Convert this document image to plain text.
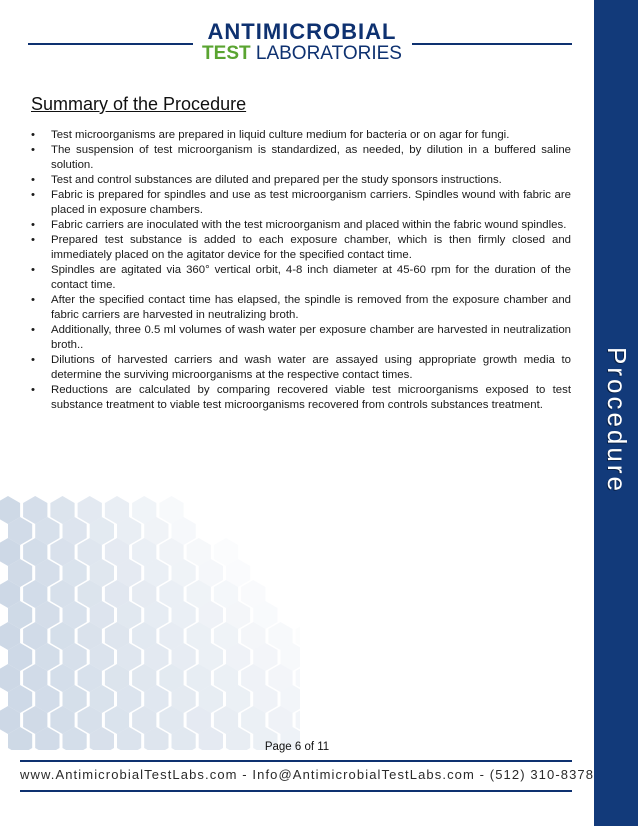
Procedure
ANTIMICROBIAL
TEST LABORATORIES
Summary of the Procedure
• Test microorganisms are prepared in liquid culture medium for bacteria or on agar for fungi.
• The suspension of test microorganism is standardized, as needed, by dilution in a buffered saline solution.
• Test and control substances are diluted and prepared per the study sponsors instructions.
• Fabric is prepared for spindles and use as test microorganism carriers. Spindles wound with fabric are placed in exposure chambers.
• Fabric carriers are inoculated with the test microorganism and placed within the fabric wound spindles.
• Prepared test substance is added to each exposure chamber, which is then firmly closed and immediately placed on the agitator device for the specified contact time.
• Spindles are agitated via 360° vertical orbit, 4-8 inch diameter at 45-60 rpm for the duration of the contact time.
• After the specified contact time has elapsed, the spindle is removed from the exposure chamber and fabric carriers are harvested in neutralizing broth.
• Additionally, three 0.5 ml volumes of wash water per exposure chamber are harvested in neutralization broth..
• Dilutions of harvested carriers and wash water are assayed using appropriate growth media to determine the surviving microorganisms at the respective contact times.
• Reductions are calculated by comparing recovered viable test microorganisms exposed to test substance treatment to viable test microorganisms recovered from controls substances treatment.
Page 6 of 11
www.AntimicrobialTestLabs.com - Info@AntimicrobialTestLabs.com - (512) 310-8378
